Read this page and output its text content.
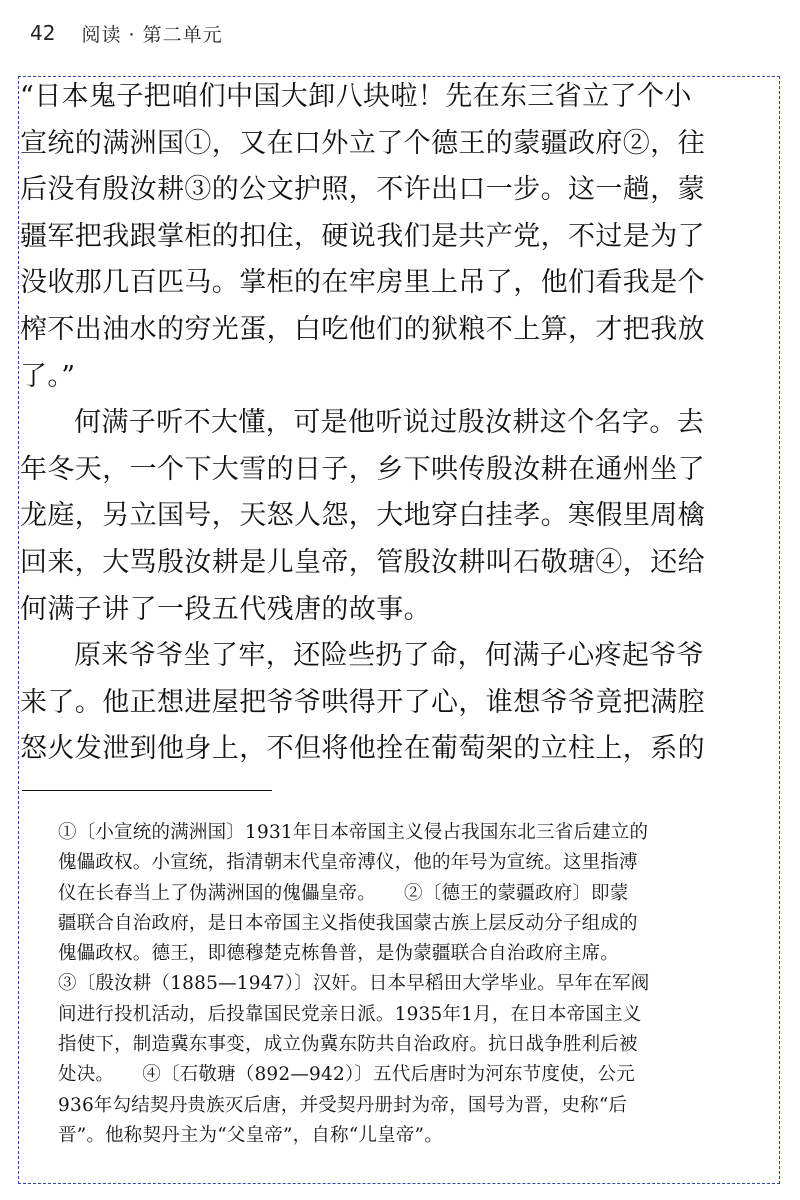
42 阅读 · 第二单元
“日本鬼子把咱们中国大卸八块啦！先在东三省立了个小
宣统的满洲国①，又在口外立了个德王的蒙疆政府②，往
后没有殷汝耕③的公文护照，不许出口一步。这一趟，蒙
疆军把我跟掌柜的扣住，硬说我们是共产党，不过是为了
没收那几百匹马。掌柜的在牢房里上吊了，他们看我是个
榨不出油水的穷光蛋，白吃他们的狱粮不上算，才把我放
了。”
何满子听不大懂，可是他听说过殷汝耕这个名字。去
年冬天，一个下大雪的日子，乡下哄传殷汝耕在通州坐了
龙庭，另立国号，天怒人怨，大地穿白挂孝。寒假里周檎
回来，大骂殷汝耕是儿皇帝，管殷汝耕叫石敬瑭④，还给
何满子讲了一段五代残唐的故事。
原来爷爷坐了牢，还险些扔了命，何满子心疼起爷爷
来了。他正想进屋把爷爷哄得开了心，谁想爷爷竟把满腔
怒火发泄到他身上，不但将他拴在葡萄架的立柱上，系的
①〔小宣统的满洲国〕1931年日本帝国主义侵占我国东北三省后建立的
傀儡政权。小宣统，指清朝末代皇帝溥仪，他的年号为宣统。这里指溥
仪在长春当上了伪满洲国的傀儡皇帝。　　②〔德王的蒙疆政府〕即蒙
疆联合自治政府，是日本帝国主义指使我国蒙古族上层反动分子组成的
傀儡政权。德王，即德穆楚克栋鲁普，是伪蒙疆联合自治政府主席。
③〔殷汝耕（1885—1947）〕汉奸。日本早稻田大学毕业。早年在军阀
间进行投机活动，后投靠国民党亲日派。1935年1月，在日本帝国主义
指使下，制造冀东事变，成立伪冀东防共自治政府。抗日战争胜利后被
处决。　　④〔石敬瑭（892—942）〕五代后唐时为河东节度使，公元
936年勾结契丹贵族灭后唐，并受契丹册封为帝，国号为晋，史称“后
晋”。他称契丹主为“父皇帝”，自称“儿皇帝”。
